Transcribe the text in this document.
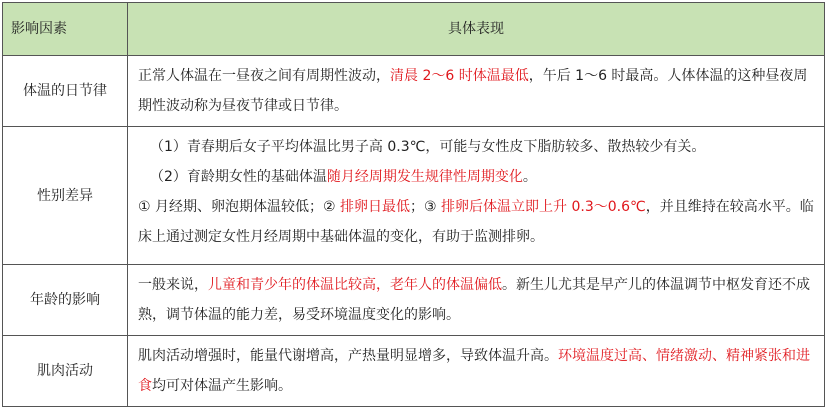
影响因素	具体表现
体温的日节律	正常人体温在一昼夜之间有周期性波动，清晨 2～6 时体温最低，午后 1～6 时最高。人体体温的这种昼夜周期性波动称为昼夜节律或日节律。
性别差异	（1）青春期后女子平均体温比男子高 0.3℃，可能与女性皮下脂肪较多、散热较少有关。
（2）育龄期女性的基础体温随月经周期发生规律性周期变化。
① 月经期、卵泡期体温较低；② 排卵日最低；③ 排卵后体温立即上升 0.3～0.6℃，并且维持在较高水平。临床上通过测定女性月经周期中基础体温的变化，有助于监测排卵。

年龄的影响	一般来说，儿童和青少年的体温比较高，老年人的体温偏低。新生儿尤其是早产儿的体温调节中枢发育还不成熟，调节体温的能力差，易受环境温度变化的影响。
肌肉活动	肌肉活动增强时，能量代谢增高，产热量明显增多，导致体温升高。环境温度过高、情绪激动、精神紧张和进食均可对体温产生影响。
